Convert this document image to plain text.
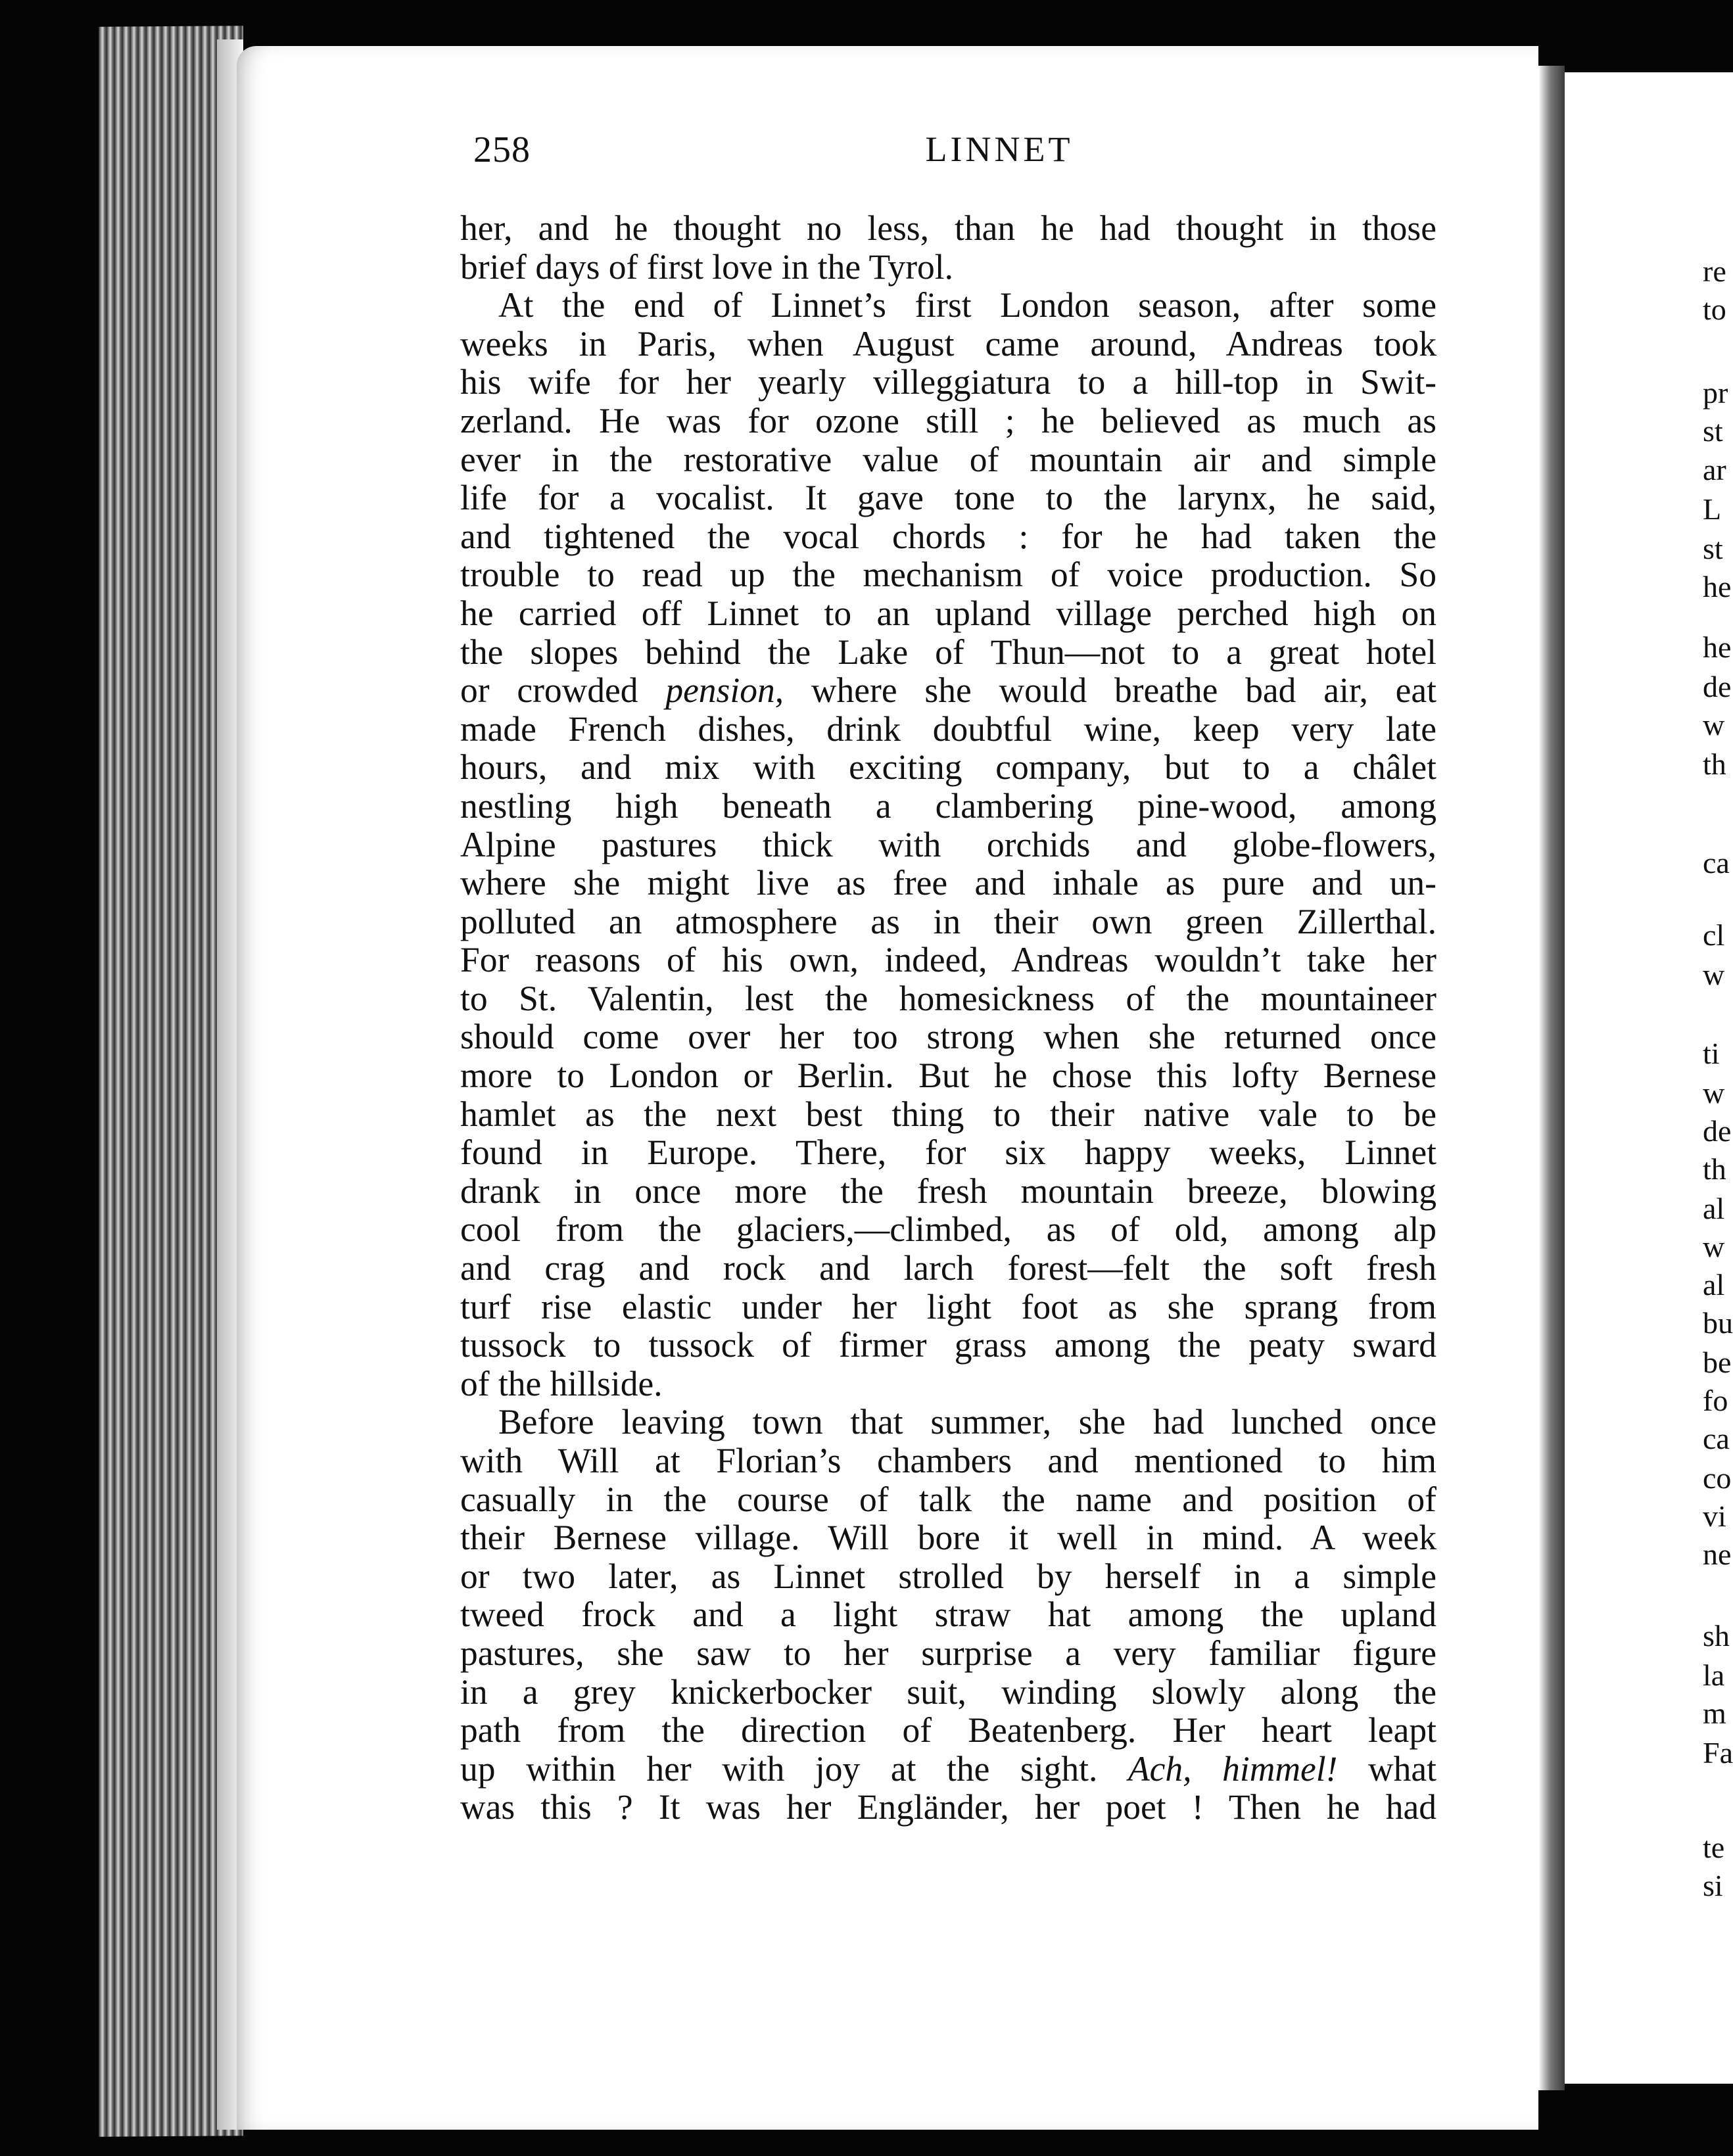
258	LINNET
her, and he thought no less, than he had thought in those
brief days of first love in the Tyrol.
At the end of Linnet’s first London season, after some
weeks in Paris, when August came around, Andreas took
his wife for her yearly villeggiatura to a hill-top in Swit-
zerland. He was for ozone still ; he believed as much as
ever in the restorative value of mountain air and simple
life for a vocalist. It gave tone to the larynx, he said,
and tightened the vocal chords : for he had taken the
trouble to read up the mechanism of voice production. So
he carried off Linnet to an upland village perched high on
the slopes behind the Lake of Thun—not to a great hotel
or crowded pension, where she would breathe bad air, eat
made French dishes, drink doubtful wine, keep very late
hours, and mix with exciting company, but to a châlet
nestling high beneath a clambering pine-wood, among
Alpine pastures thick with orchids and globe-flowers,
where she might live as free and inhale as pure and un-
polluted an atmosphere as in their own green Zillerthal.
For reasons of his own, indeed, Andreas wouldn’t take her
to St. Valentin, lest the homesickness of the mountaineer
should come over her too strong when she returned once
more to London or Berlin. But he chose this lofty Bernese
hamlet as the next best thing to their native vale to be
found in Europe. There, for six happy weeks, Linnet
drank in once more the fresh mountain breeze, blowing
cool from the glaciers,—climbed, as of old, among alp
and crag and rock and larch forest—felt the soft fresh
turf rise elastic under her light foot as she sprang from
tussock to tussock of firmer grass among the peaty sward
of the hillside.
Before leaving town that summer, she had lunched once
with Will at Florian’s chambers and mentioned to him
casually in the course of talk the name and position of
their Bernese village. Will bore it well in mind. A week
or two later, as Linnet strolled by herself in a simple
tweed frock and a light straw hat among the upland
pastures, she saw to her surprise a very familiar figure
in a grey knickerbocker suit, winding slowly along the
path from the direction of Beatenberg. Her heart leapt
up within her with joy at the sight. Ach, himmel! what
was this ? It was her Engländer, her poet ! Then he had
re
to
pr
st
ar
L
st
he
he
de
w
th
ca
cl
w
ti
w
de
th
al
w
al
bu
be
fo
ca
co
vi
ne
sh
la
m
Fa
te
si
